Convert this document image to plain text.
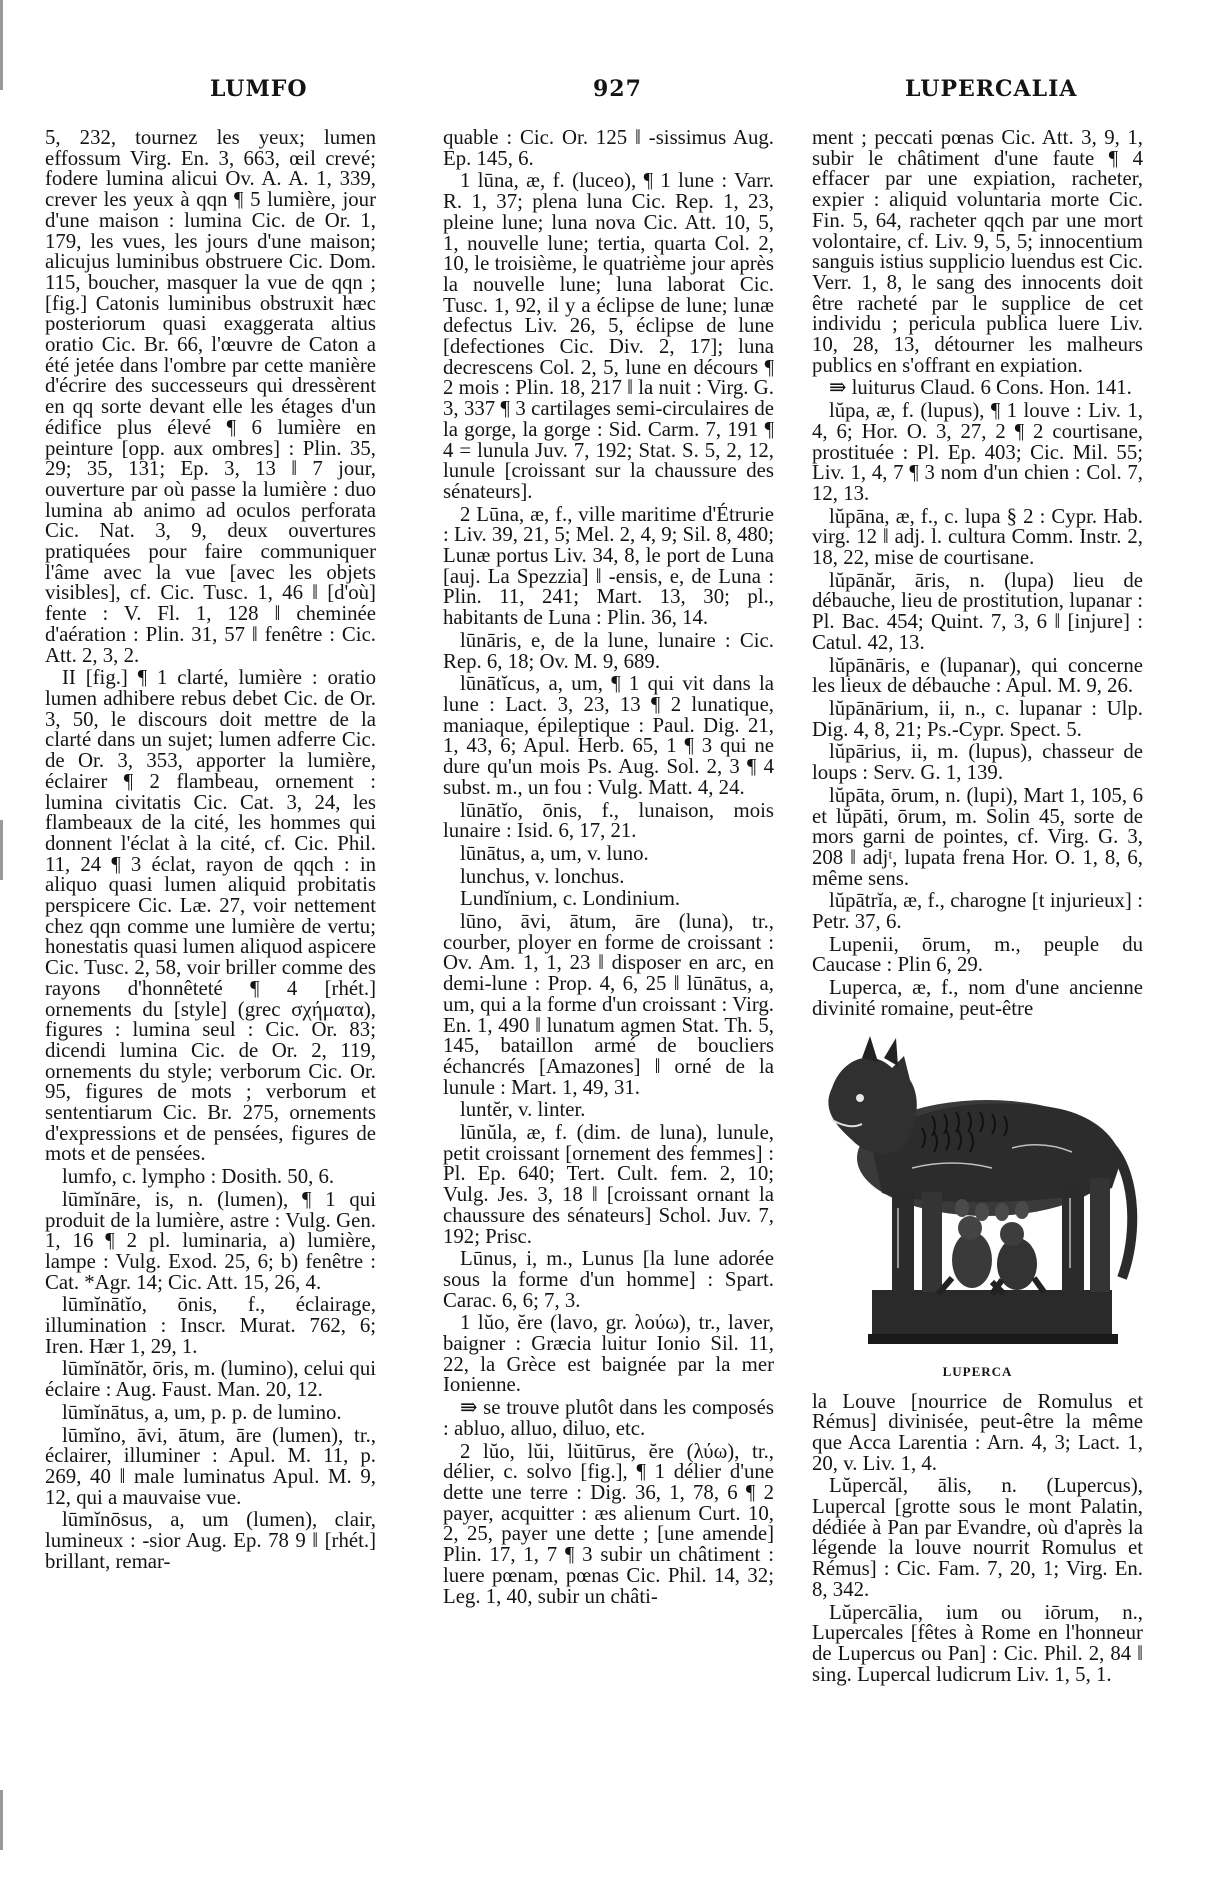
LUMFO	927	LUPERCALIA

5, 232, tournez les yeux; lumen effossum Virg. En. 3, 663, œil crevé; fodere lumina alicui Ov. A. A. 1, 339, crever les yeux à qqn ¶ 5 lumière, jour d'une maison : lumina Cic. de Or. 1, 179, les vues, les jours d'une maison; alicujus luminibus obstruere Cic. Dom. 115, boucher, masquer la vue de qqn ; [fig.] Catonis luminibus obstruxit hæc posteriorum quasi exaggerata altius oratio Cic. Br. 66, l'œuvre de Caton a été jetée dans l'ombre par cette manière d'écrire des successeurs qui dressèrent en qq sorte devant elle les étages d'un édifice plus élevé ¶ 6 lumière en peinture [opp. aux ombres] : Plin. 35, 29; 35, 131; Ep. 3, 13 ‖ 7 jour, ouverture par où passe la lumière : duo lumina ab animo ad oculos perforata Cic. Nat. 3, 9, deux ouvertures pratiquées pour faire communiquer l'âme avec la vue [avec les objets visibles], cf. Cic. Tusc. 1, 46 ‖ [d'où] fente : V. Fl. 1, 128 ‖ cheminée d'aération : Plin. 31, 57 ‖ fenêtre : Cic. Att. 2, 3, 2.

II [fig.] ¶ 1 clarté, lumière : oratio lumen adhibere rebus debet Cic. de Or. 3, 50, le discours doit mettre de la clarté dans un sujet; lumen adferre Cic. de Or. 3, 353, apporter la lumière, éclairer ¶ 2 flambeau, ornement : lumina civitatis Cic. Cat. 3, 24, les flambeaux de la cité, les hommes qui donnent l'éclat à la cité, cf. Cic. Phil. 11, 24 ¶ 3 éclat, rayon de qqch : in aliquo quasi lumen aliquid probitatis perspicere Cic. Læ. 27, voir nettement chez qqn comme une lumière de vertu; honestatis quasi lumen aliquod aspicere Cic. Tusc. 2, 58, voir briller comme des rayons d'honnêteté ¶ 4 [rhét.] ornements du [style] (grec σχήματα), figures : lumina seul : Cic. Or. 83; dicendi lumina Cic. de Or. 2, 119, ornements du style; verborum Cic. Or. 95, figures de mots ; verborum et sententiarum Cic. Br. 275, ornements d'expressions et de pensées, figures de mots et de pensées.

lumfo, c. lympho : Dosith. 50, 6.

lūmĭnāre, is, n. (lumen), ¶ 1 qui produit de la lumière, astre : Vulg. Gen. 1, 16 ¶ 2 pl. luminaria, a) lumière, lampe : Vulg. Exod. 25, 6; b) fenêtre : Cat. *Agr. 14; Cic. Att. 15, 26, 4.

lūmĭnātĭo, ōnis, f., éclairage, illumination : Inscr. Murat. 762, 6; Iren. Hær 1, 29, 1.

lūmĭnātŏr, ōris, m. (lumino), celui qui éclaire : Aug. Faust. Man. 20, 12.

lūmĭnātus, a, um, p. p. de lumino.

lūmĭno, āvi, ātum, āre (lumen), tr., éclairer, illuminer : Apul. M. 11, p. 269, 40 ‖ male luminatus Apul. M. 9, 12, qui a mauvaise vue.

lūmĭnōsus, a, um (lumen), clair, lumineux : -sior Aug. Ep. 78 9 ‖ [rhét.] brillant, remar-

quable : Cic. Or. 125 ‖ -sissimus Aug. Ep. 145, 6.

1 lūna, æ, f. (luceo), ¶ 1 lune : Varr. R. 1, 37; plena luna Cic. Rep. 1, 23, pleine lune; luna nova Cic. Att. 10, 5, 1, nouvelle lune; tertia, quarta Col. 2, 10, le troisième, le quatrième jour après la nouvelle lune; luna laborat Cic. Tusc. 1, 92, il y a éclipse de lune; lunæ defectus Liv. 26, 5, éclipse de lune [defectiones Cic. Div. 2, 17]; luna decrescens Col. 2, 5, lune en décours ¶ 2 mois : Plin. 18, 217 ‖ la nuit : Virg. G. 3, 337 ¶ 3 cartilages semi-circulaires de la gorge, la gorge : Sid. Carm. 7, 191 ¶ 4 = lunula Juv. 7, 192; Stat. S. 5, 2, 12, lunule [croissant sur la chaussure des sénateurs].

2 Lūna, æ, f., ville maritime d'Étrurie : Liv. 39, 21, 5; Mel. 2, 4, 9; Sil. 8, 480; Lunæ portus Liv. 34, 8, le port de Luna [auj. La Spezzia] ‖ -ensis, e, de Luna : Plin. 11, 241; Mart. 13, 30; pl., habitants de Luna : Plin. 36, 14.

lūnāris, e, de la lune, lunaire : Cic. Rep. 6, 18; Ov. M. 9, 689.

lūnātĭcus, a, um, ¶ 1 qui vit dans la lune : Lact. 3, 23, 13 ¶ 2 lunatique, maniaque, épileptique : Paul. Dig. 21, 1, 43, 6; Apul. Herb. 65, 1 ¶ 3 qui ne dure qu'un mois Ps. Aug. Sol. 2, 3 ¶ 4 subst. m., un fou : Vulg. Matt. 4, 24.

lūnātĭo, ōnis, f., lunaison, mois lunaire : Isid. 6, 17, 21.

lūnātus, a, um, v. luno.

lunchus, v. lonchus.

Lundĭnium, c. Londinium.

lūno, āvi, ātum, āre (luna), tr., courber, ployer en forme de croissant : Ov. Am. 1, 1, 23 ‖ disposer en arc, en demi-lune : Prop. 4, 6, 25 ‖ lūnātus, a, um, qui a la forme d'un croissant : Virg. En. 1, 490 ‖ lunatum agmen Stat. Th. 5, 145, bataillon armé de boucliers échancrés [Amazones] ‖ orné de la lunule : Mart. 1, 49, 31.

luntĕr, v. linter.

lūnŭla, æ, f. (dim. de luna), lunule, petit croissant [ornement des femmes] : Pl. Ep. 640; Tert. Cult. fem. 2, 10; Vulg. Jes. 3, 18 ‖ [croissant ornant la chaussure des sénateurs] Schol. Juv. 7, 192; Prisc.

Lūnus, i, m., Lunus [la lune adorée sous la forme d'un homme] : Spart. Carac. 6, 6; 7, 3.

1 lŭo, ĕre (lavo, gr. λούω), tr., laver, baigner : Græcia luitur Ionio Sil. 11, 22, la Grèce est baignée par la mer Ionienne.

⇛ se trouve plutôt dans les composés : abluo, alluo, diluo, etc.

2 lŭo, lŭi, lŭitūrus, ĕre (λύω), tr., délier, c. solvo [fig.], ¶ 1 délier d'une dette une terre : Dig. 36, 1, 78, 6 ¶ 2 payer, acquitter : æs alienum Curt. 10, 2, 25, payer une dette ; [une amende] Plin. 17, 1, 7 ¶ 3 subir un châtiment : luere pœnam, pœnas Cic. Phil. 14, 32; Leg. 1, 40, subir un châti-

ment ; peccati pœnas Cic. Att. 3, 9, 1, subir le châtiment d'une faute ¶ 4 effacer par une expiation, racheter, expier : aliquid voluntaria morte Cic. Fin. 5, 64, racheter qqch par une mort volontaire, cf. Liv. 9, 5, 5; innocentium sanguis istius supplicio luendus est Cic. Verr. 1, 8, le sang des innocents doit être racheté par le supplice de cet individu ; pericula publica luere Liv. 10, 28, 13, détourner les malheurs publics en s'offrant en expiation.

⇛ luiturus Claud. 6 Cons. Hon. 141.

lŭpa, æ, f. (lupus), ¶ 1 louve : Liv. 1, 4, 6; Hor. O. 3, 27, 2 ¶ 2 courtisane, prostituée : Pl. Ep. 403; Cic. Mil. 55; Liv. 1, 4, 7 ¶ 3 nom d'un chien : Col. 7, 12, 13.

lŭpāna, æ, f., c. lupa § 2 : Cypr. Hab. virg. 12 ‖ adj. l. cultura Comm. Instr. 2, 18, 22, mise de courtisane.

lŭpānăr, āris, n. (lupa) lieu de débauche, lieu de prostitution, lupanar : Pl. Bac. 454; Quint. 7, 3, 6 ‖ [injure] : Catul. 42, 13.

lŭpānāris, e (lupanar), qui concerne les lieux de débauche : Apul. M. 9, 26.

lŭpānārium, ii, n., c. lupanar : Ulp. Dig. 4, 8, 21; Ps.-Cypr. Spect. 5.

lŭpārius, ii, m. (lupus), chasseur de loups : Serv. G. 1, 139.

lŭpāta, ōrum, n. (lupi), Mart 1, 105, 6 et lŭpāti, ōrum, m. Solin 45, sorte de mors garni de pointes, cf. Virg. G. 3, 208 ‖ adjᵗ, lupata frena Hor. O. 1, 8, 6, même sens.

lŭpātrĭa, æ, f., charogne [t injurieux] : Petr. 37, 6.

Lupenii, ōrum, m., peuple du Caucase : Plin 6, 29.

Luperca, æ, f., nom d'une ancienne divinité romaine, peut-être

LUPERCA

la Louve [nourrice de Romulus et Rémus] divinisée, peut-être la même que Acca Larentia : Arn. 4, 3; Lact. 1, 20, v. Liv. 1, 4.

Lŭpercăl, ālis, n. (Lupercus), Lupercal [grotte sous le mont Palatin, dédiée à Pan par Evandre, où d'après la légende la louve nourrit Romulus et Rémus] : Cic. Fam. 7, 20, 1; Virg. En. 8, 342.

Lŭpercālia, ium ou iōrum, n., Lupercales [fêtes à Rome en l'honneur de Lupercus ou Pan] : Cic. Phil. 2, 84 ‖ sing. Lupercal ludicrum Liv. 1, 5, 1.
